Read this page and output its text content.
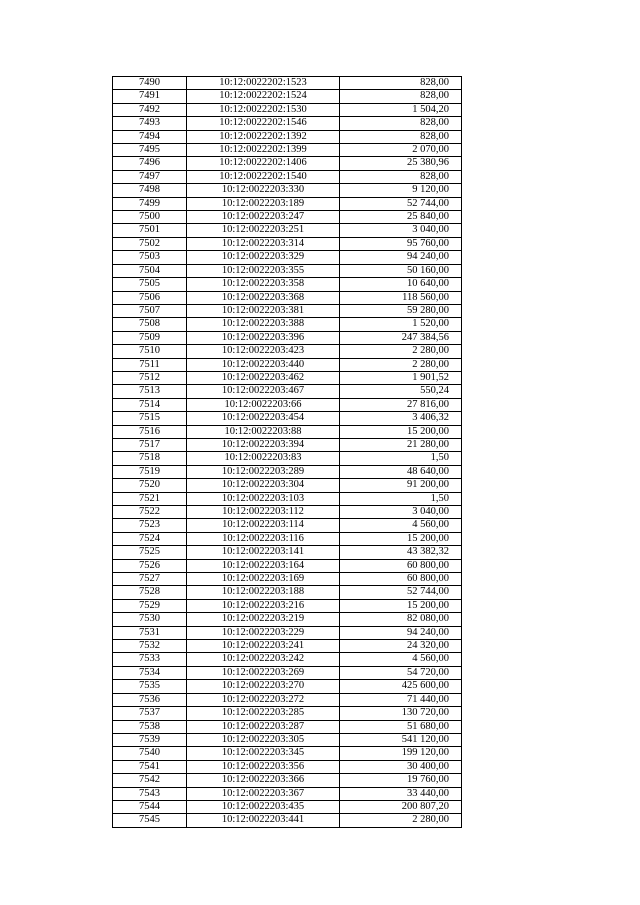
7490	10:12:0022202:1523	828,00
7491	10:12:0022202:1524	828,00
7492	10:12:0022202:1530	1 504,20
7493	10:12:0022202:1546	828,00
7494	10:12:0022202:1392	828,00
7495	10:12:0022202:1399	2 070,00
7496	10:12:0022202:1406	25 380,96
7497	10:12:0022202:1540	828,00
7498	10:12:0022203:330	9 120,00
7499	10:12:0022203:189	52 744,00
7500	10:12:0022203:247	25 840,00
7501	10:12:0022203:251	3 040,00
7502	10:12:0022203:314	95 760,00
7503	10:12:0022203:329	94 240,00
7504	10:12:0022203:355	50 160,00
7505	10:12:0022203:358	10 640,00
7506	10:12:0022203:368	118 560,00
7507	10:12:0022203:381	59 280,00
7508	10:12:0022203:388	1 520,00
7509	10:12:0022203:396	247 384,56
7510	10:12:0022203:423	2 280,00
7511	10:12:0022203:440	2 280,00
7512	10:12:0022203:462	1 901,52
7513	10:12:0022203:467	550,24
7514	10:12:0022203:66	27 816,00
7515	10:12:0022203:454	3 406,32
7516	10:12:0022203:88	15 200,00
7517	10:12:0022203:394	21 280,00
7518	10:12:0022203:83	1,50
7519	10:12:0022203:289	48 640,00
7520	10:12:0022203:304	91 200,00
7521	10:12:0022203:103	1,50
7522	10:12:0022203:112	3 040,00
7523	10:12:0022203:114	4 560,00
7524	10:12:0022203:116	15 200,00
7525	10:12:0022203:141	43 382,32
7526	10:12:0022203:164	60 800,00
7527	10:12:0022203:169	60 800,00
7528	10:12:0022203:188	52 744,00
7529	10:12:0022203:216	15 200,00
7530	10:12:0022203:219	82 080,00
7531	10:12:0022203:229	94 240,00
7532	10:12:0022203:241	24 320,00
7533	10:12:0022203:242	4 560,00
7534	10:12:0022203:269	54 720,00
7535	10:12:0022203:270	425 600,00
7536	10:12:0022203:272	71 440,00
7537	10:12:0022203:285	130 720,00
7538	10:12:0022203:287	51 680,00
7539	10:12:0022203:305	541 120,00
7540	10:12:0022203:345	199 120,00
7541	10:12:0022203:356	30 400,00
7542	10:12:0022203:366	19 760,00
7543	10:12:0022203:367	33 440,00
7544	10:12:0022203:435	200 807,20
7545	10:12:0022203:441	2 280,00
